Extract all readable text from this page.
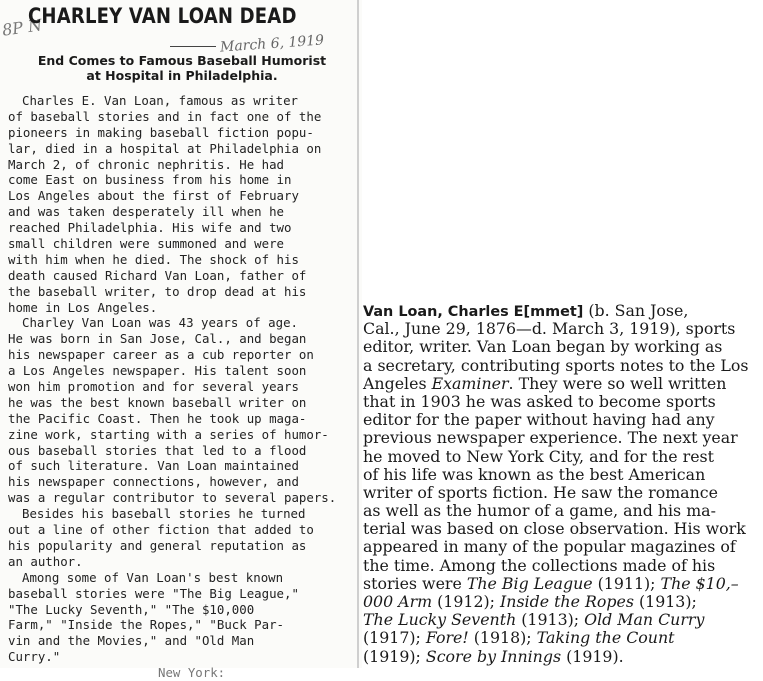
8P N
CHARLEY VAN LOAN DEAD
March 6, 1919
End Comes to Famous Baseball Humorist
at Hospital in Philadelphia.
Charles E. Van Loan, famous as writer
of baseball stories and in fact one of the
pioneers in making baseball fiction popu-
lar, died in a hospital at Philadelphia on
March 2, of chronic nephritis. He had
come East on business from his home in
Los Angeles about the first of February
and was taken desperately ill when he
reached Philadelphia. His wife and two
small children were summoned and were
with him when he died. The shock of his
death caused Richard Van Loan, father of
the baseball writer, to drop dead at his
home in Los Angeles.
Charley Van Loan was 43 years of age.
He was born in San Jose, Cal., and began
his newspaper career as a cub reporter on
a Los Angeles newspaper. His talent soon
won him promotion and for several years
he was the best known baseball writer on
the Pacific Coast. Then he took up maga-
zine work, starting with a series of humor-
ous baseball stories that led to a flood
of such literature. Van Loan maintained
his newspaper connections, however, and
was a regular contributor to several papers.
Besides his baseball stories he turned
out a line of other fiction that added to
his popularity and general reputation as
an author.
Among some of Van Loan's best known
baseball stories were "The Big League,"
"The Lucky Seventh," "The $10,000
Farm," "Inside the Ropes," "Buck Par-
vin and the Movies," and "Old Man
Curry."
New York:
Van Loan, Charles E[mmet] (b. San Jose,
Cal., June 29, 1876—d. March 3, 1919), sports
editor, writer. Van Loan began by working as
a secretary, contributing sports notes to the Los
Angeles Examiner. They were so well written
that in 1903 he was asked to become sports
editor for the paper without having had any
previous newspaper experience. The next year
he moved to New York City, and for the rest
of his life was known as the best American
writer of sports fiction. He saw the romance
as well as the humor of a game, and his ma-
terial was based on close observation. His work
appeared in many of the popular magazines of
the time. Among the collections made of his
stories were The Big League (1911); The $10,–
000 Arm (1912); Inside the Ropes (1913);
The Lucky Seventh (1913); Old Man Curry
(1917); Fore! (1918); Taking the Count
(1919); Score by Innings (1919).
